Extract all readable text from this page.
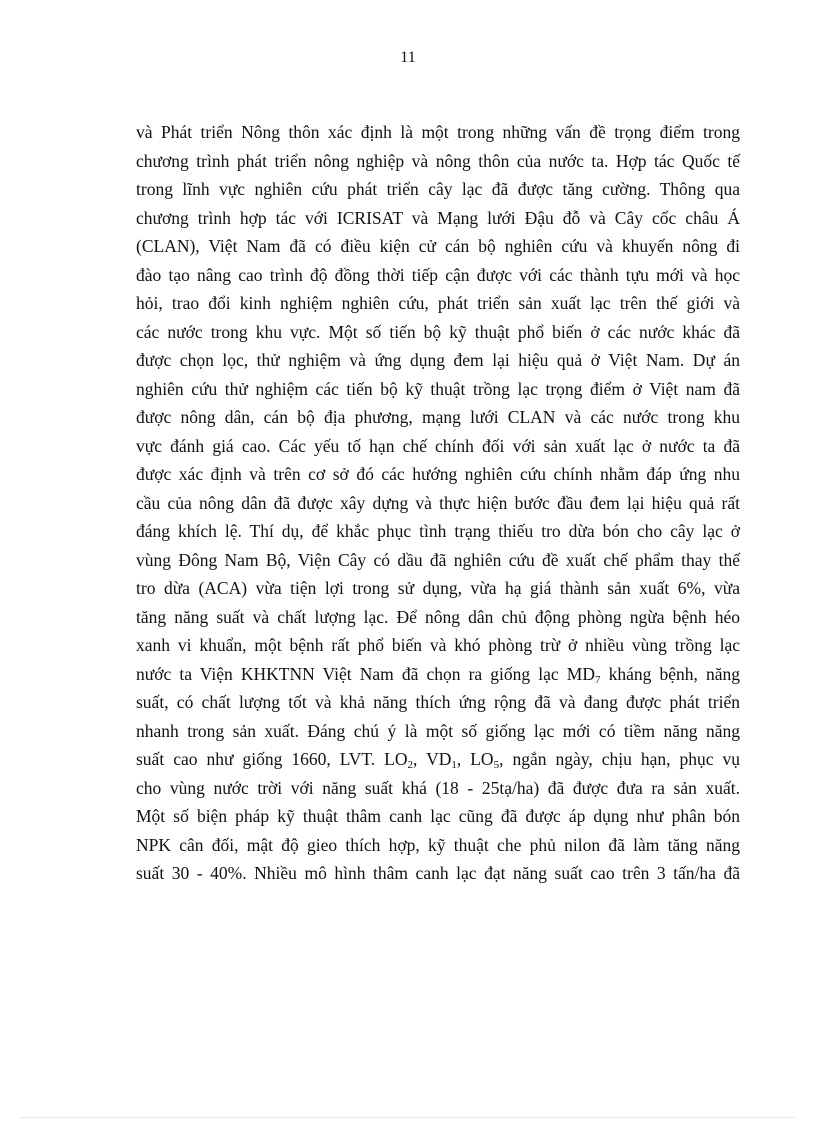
11
và Phát triển Nông thôn xác định là một trong những vấn đề trọng điểm trong
chương trình phát triển nông nghiệp và nông thôn của nước ta. Hợp tác Quốc tế
trong lĩnh vực nghiên cứu phát triển cây lạc đã được tăng cường. Thông qua
chương trình hợp tác với ICRISAT và Mạng lưới Đậu đỗ và Cây cốc châu Á
(CLAN), Việt Nam đã có điều kiện cử cán bộ nghiên cứu và khuyến nông đi
đào tạo nâng cao trình độ đồng thời tiếp cận được với các thành tựu mới và học
hỏi, trao đổi kinh nghiệm nghiên cứu, phát triển sản xuất lạc trên thế giới và
các nước trong khu vực. Một số tiến bộ kỹ thuật phổ biến ở các nước khác đã
được chọn lọc, thử nghiệm và ứng dụng đem lại hiệu quả ở Việt Nam. Dự án
nghiên cứu thử nghiệm các tiến bộ kỹ thuật trồng lạc trọng điểm ở Việt nam đã
được nông dân, cán bộ địa phương, mạng lưới CLAN và các nước trong khu
vực đánh giá cao. Các yếu tố hạn chế chính đối với sản xuất lạc ở nước ta đã
được xác định và trên cơ sở đó các hướng nghiên cứu chính nhằm đáp ứng nhu
cầu của nông dân đã được xây dựng và thực hiện bước đầu đem lại hiệu quả rất
đáng khích lệ. Thí dụ, để khắc phục tình trạng thiếu tro dừa bón cho cây lạc ở
vùng Đông Nam Bộ, Viện Cây có dầu đã nghiên cứu đề xuất chế phẩm thay thế
tro dừa (ACA) vừa tiện lợi trong sử dụng, vừa hạ giá thành sản xuất 6%, vừa
tăng năng suất và chất lượng lạc. Để nông dân chủ động phòng ngừa bệnh héo
xanh vi khuẩn, một bệnh rất phổ biến và khó phòng trừ ở nhiều vùng trồng lạc
nước ta Viện KHKTNN Việt Nam đã chọn ra giống lạc $MD_7$ kháng bệnh, năng
suất, có chất lượng tốt và khả năng thích ứng rộng đã và đang được phát triển
nhanh trong sản xuất. Đáng chú ý là một số giống lạc mới có tiềm năng năng
suất cao như giống 1660, LVT. $LO_2$, $VD_1$, $LO_5$, ngắn ngày, chịu hạn, phục vụ
cho vùng nước trời với năng suất khá (18 - 25tạ/ha) đã được đưa ra sản xuất.
Một số biện pháp kỹ thuật thâm canh lạc cũng đã được áp dụng như phân bón
NPK cân đối, mật độ gieo thích hợp, kỹ thuật che phủ nilon đã làm tăng năng
suất 30 - 40%. Nhiều mô hình thâm canh lạc đạt năng suất cao trên 3 tấn/ha đã
